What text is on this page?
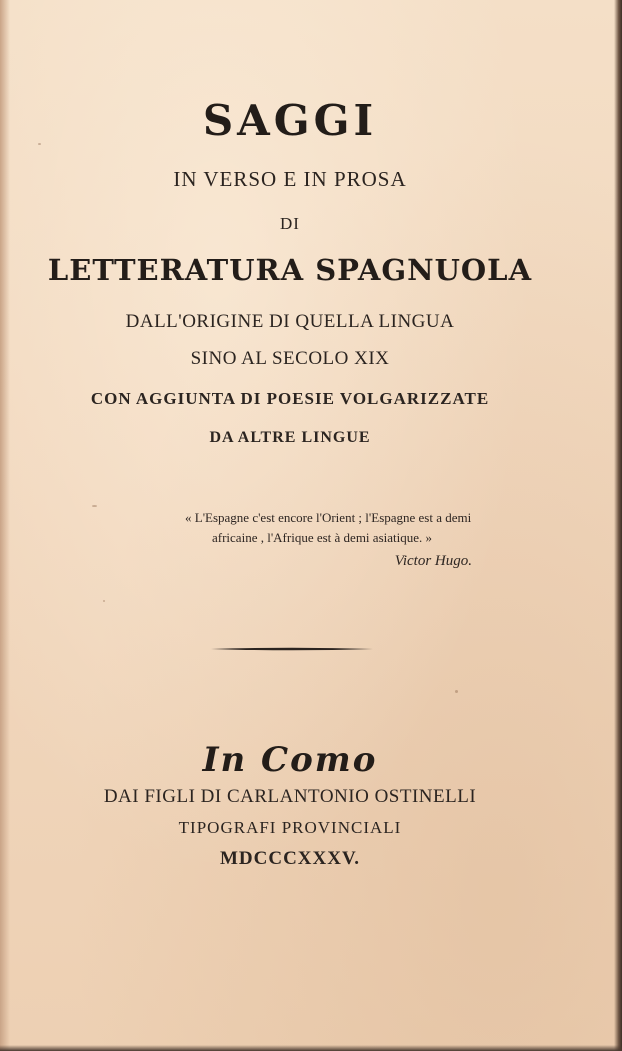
SAGGI
IN VERSO E IN PROSA
DI
LETTERATURA SPAGNUOLA
DALL'ORIGINE DI QUELLA LINGUA
SINO AL SECOLO XIX
CON AGGIUNTA DI POESIE VOLGARIZZATE
DA ALTRE LINGUE
« L'Espagne c'est encore l'Orient ; l'Espagne est a demi
africaine , l'Afrique est à demi asiatique. »
Victor Hugo.
In Como
DAI FIGLI DI CARLANTONIO OSTINELLI
TIPOGRAFI PROVINCIALI
MDCCCXXXV.
